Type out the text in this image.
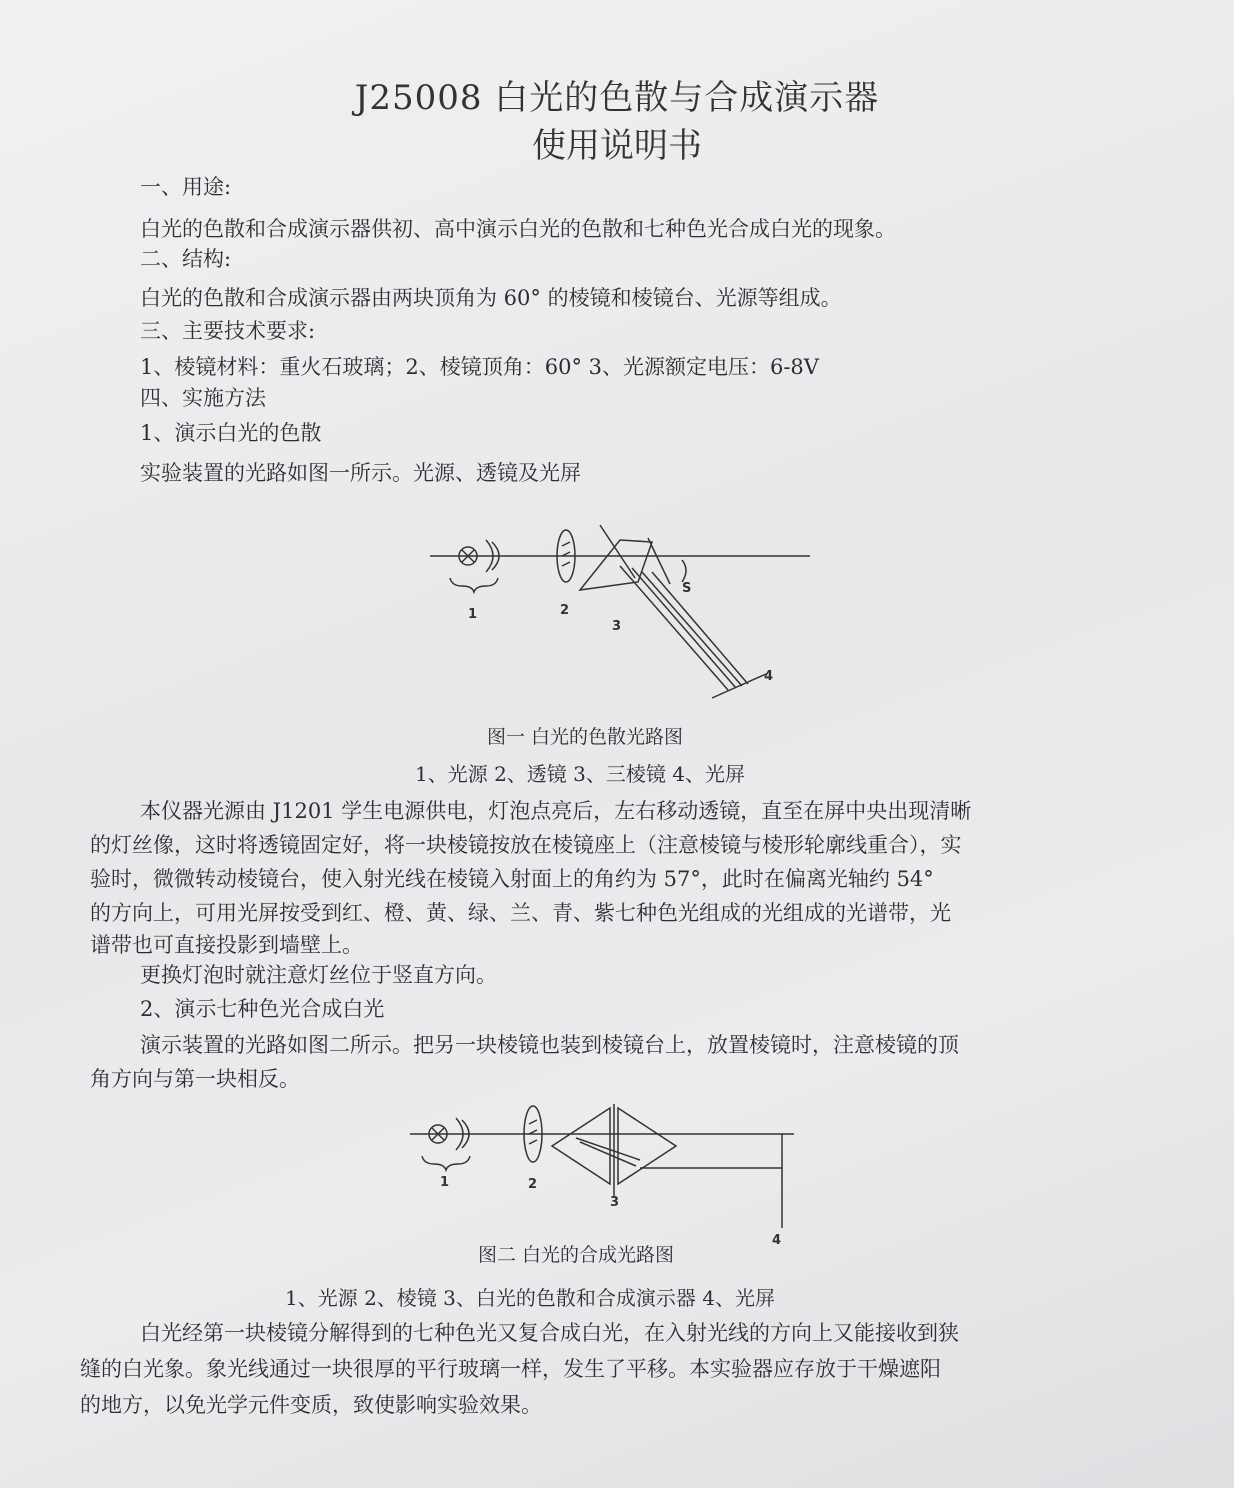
J25008 白光的色散与合成演示器
使用说明书
一、用途:
白光的色散和合成演示器供初、高中演示白光的色散和七种色光合成白光的现象。
二、结构:
白光的色散和合成演示器由两块顶角为 60° 的棱镜和棱镜台、光源等组成。
三、主要技术要求:
1、棱镜材料：重火石玻璃；2、棱镜顶角：60° 3、光源额定电压：6-8V
四、实施方法
1、演示白光的色散
实验装置的光路如图一所示。光源、透镜及光屏
1	2
3
4
S
图一 白光的色散光路图
1、光源 2、透镜 3、三棱镜 4、光屏
本仪器光源由 J1201 学生电源供电，灯泡点亮后，左右移动透镜，直至在屏中央出现清晰
的灯丝像，这时将透镜固定好，将一块棱镜按放在棱镜座上（注意棱镜与棱形轮廓线重合），实
验时，微微转动棱镜台，使入射光线在棱镜入射面上的角约为 57°，此时在偏离光轴约 54°
的方向上，可用光屏按受到红、橙、黄、绿、兰、青、紫七种色光组成的光组成的光谱带，光
谱带也可直接投影到墙壁上。
更换灯泡时就注意灯丝位于竖直方向。
2、演示七种色光合成白光
演示装置的光路如图二所示。把另一块棱镜也装到棱镜台上，放置棱镜时，注意棱镜的顶
角方向与第一块相反。
1	2
3
4
图二 白光的合成光路图
1、光源 2、棱镜 3、白光的色散和合成演示器 4、光屏
白光经第一块棱镜分解得到的七种色光又复合成白光，在入射光线的方向上又能接收到狭
缝的白光象。象光线通过一块很厚的平行玻璃一样，发生了平移。本实验器应存放于干燥遮阳
的地方，以免光学元件变质，致使影响实验效果。
